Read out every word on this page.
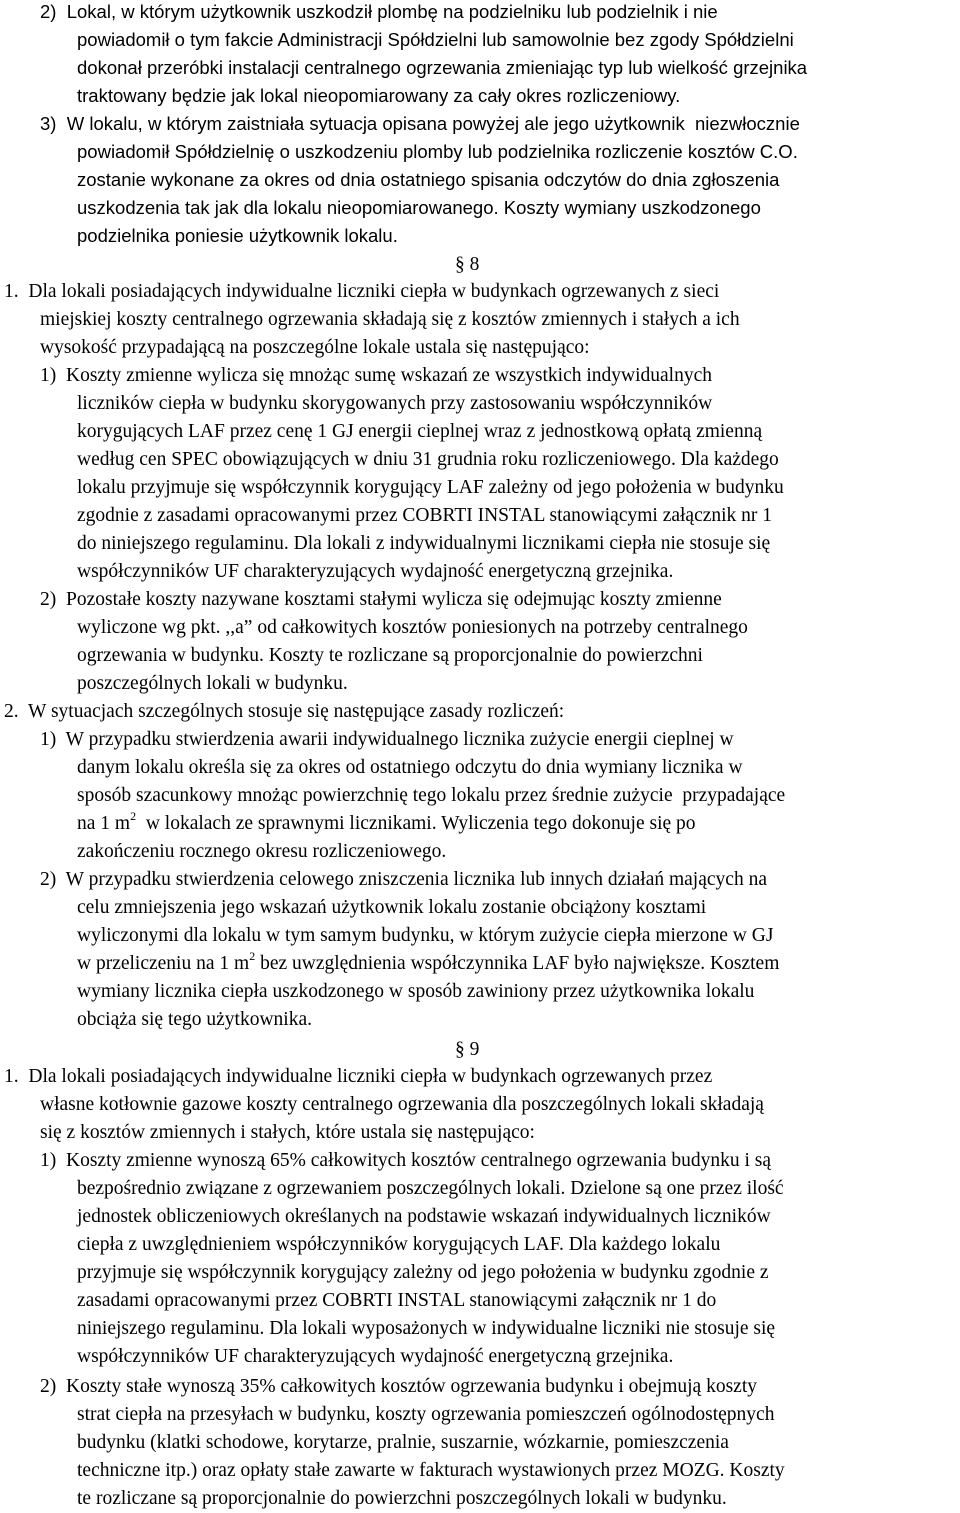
2)  Lokal, w którym użytkownik uszkodził plombę na podzielniku lub podzielnik i nie
powiadomił o tym fakcie Administracji Spółdzielni lub samowolnie bez zgody Spółdzielni
dokonał przeróbki instalacji centralnego ogrzewania zmieniając typ lub wielkość grzejnika
traktowany będzie jak lokal nieopomiarowany za cały okres rozliczeniowy.
3)  W lokalu, w którym zaistniała sytuacja opisana powyżej ale jego użytkownik  niezwłocznie
powiadomił Spółdzielnię o uszkodzeniu plomby lub podzielnika rozliczenie kosztów C.O.
zostanie wykonane za okres od dnia ostatniego spisania odczytów do dnia zgłoszenia
uszkodzenia tak jak dla lokalu nieopomiarowanego. Koszty wymiany uszkodzonego
podzielnika poniesie użytkownik lokalu.
§ 8
1.  Dla lokali posiadających indywidualne liczniki ciepła w budynkach ogrzewanych z sieci
miejskiej koszty centralnego ogrzewania składają się z kosztów zmiennych i stałych a ich
wysokość przypadającą na poszczególne lokale ustala się następująco:
1)  Koszty zmienne wylicza się mnożąc sumę wskazań ze wszystkich indywidualnych
liczników ciepła w budynku skorygowanych przy zastosowaniu współczynników
korygujących LAF przez cenę 1 GJ energii cieplnej wraz z jednostkową opłatą zmienną
według cen SPEC obowiązujących w dniu 31 grudnia roku rozliczeniowego. Dla każdego
lokalu przyjmuje się współczynnik korygujący LAF zależny od jego położenia w budynku
zgodnie z zasadami opracowanymi przez COBRTI INSTAL stanowiącymi załącznik nr 1
do niniejszego regulaminu. Dla lokali z indywidualnymi licznikami ciepła nie stosuje się
współczynników UF charakteryzujących wydajność energetyczną grzejnika.
2)  Pozostałe koszty nazywane kosztami stałymi wylicza się odejmując koszty zmienne
wyliczone wg pkt. ,,a” od całkowitych kosztów poniesionych na potrzeby centralnego
ogrzewania w budynku. Koszty te rozliczane są proporcjonalnie do powierzchni
poszczególnych lokali w budynku.
2.  W sytuacjach szczególnych stosuje się następujące zasady rozliczeń:
1)  W przypadku stwierdzenia awarii indywidualnego licznika zużycie energii cieplnej w
danym lokalu określa się za okres od ostatniego odczytu do dnia wymiany licznika w
sposób szacunkowy mnożąc powierzchnię tego lokalu przez średnie zużycie  przypadające
na 1 $m^2$ w lokalach ze sprawnymi licznikami. Wyliczenia tego dokonuje się po
zakończeniu rocznego okresu rozliczeniowego.
2)  W przypadku stwierdzenia celowego zniszczenia licznika lub innych działań mających na
celu zmniejszenia jego wskazań użytkownik lokalu zostanie obciążony kosztami
wyliczonymi dla lokalu w tym samym budynku, w którym zużycie ciepła mierzone w GJ
w przeliczeniu na 1 $m^2$ bez uwzględnienia współczynnika LAF było największe. Kosztem
wymiany licznika ciepła uszkodzonego w sposób zawiniony przez użytkownika lokalu
obciąża się tego użytkownika.
§ 9
1.  Dla lokali posiadających indywidualne liczniki ciepła w budynkach ogrzewanych przez
własne kotłownie gazowe koszty centralnego ogrzewania dla poszczególnych lokali składają
się z kosztów zmiennych i stałych, które ustala się następująco:
1)  Koszty zmienne wynoszą 65% całkowitych kosztów centralnego ogrzewania budynku i są
bezpośrednio związane z ogrzewaniem poszczególnych lokali. Dzielone są one przez ilość
jednostek obliczeniowych określanych na podstawie wskazań indywidualnych liczników
ciepła z uwzględnieniem współczynników korygujących LAF. Dla każdego lokalu
przyjmuje się współczynnik korygujący zależny od jego położenia w budynku zgodnie z
zasadami opracowanymi przez COBRTI INSTAL stanowiącymi załącznik nr 1 do
niniejszego regulaminu. Dla lokali wyposażonych w indywidualne liczniki nie stosuje się
współczynników UF charakteryzujących wydajność energetyczną grzejnika.
2)  Koszty stałe wynoszą 35% całkowitych kosztów ogrzewania budynku i obejmują koszty
strat ciepła na przesyłach w budynku, koszty ogrzewania pomieszczeń ogólnodostępnych
budynku (klatki schodowe, korytarze, pralnie, suszarnie, wózkarnie, pomieszczenia
techniczne itp.) oraz opłaty stałe zawarte w fakturach wystawionych przez MOZG. Koszty
te rozliczane są proporcjonalnie do powierzchni poszczególnych lokali w budynku.
